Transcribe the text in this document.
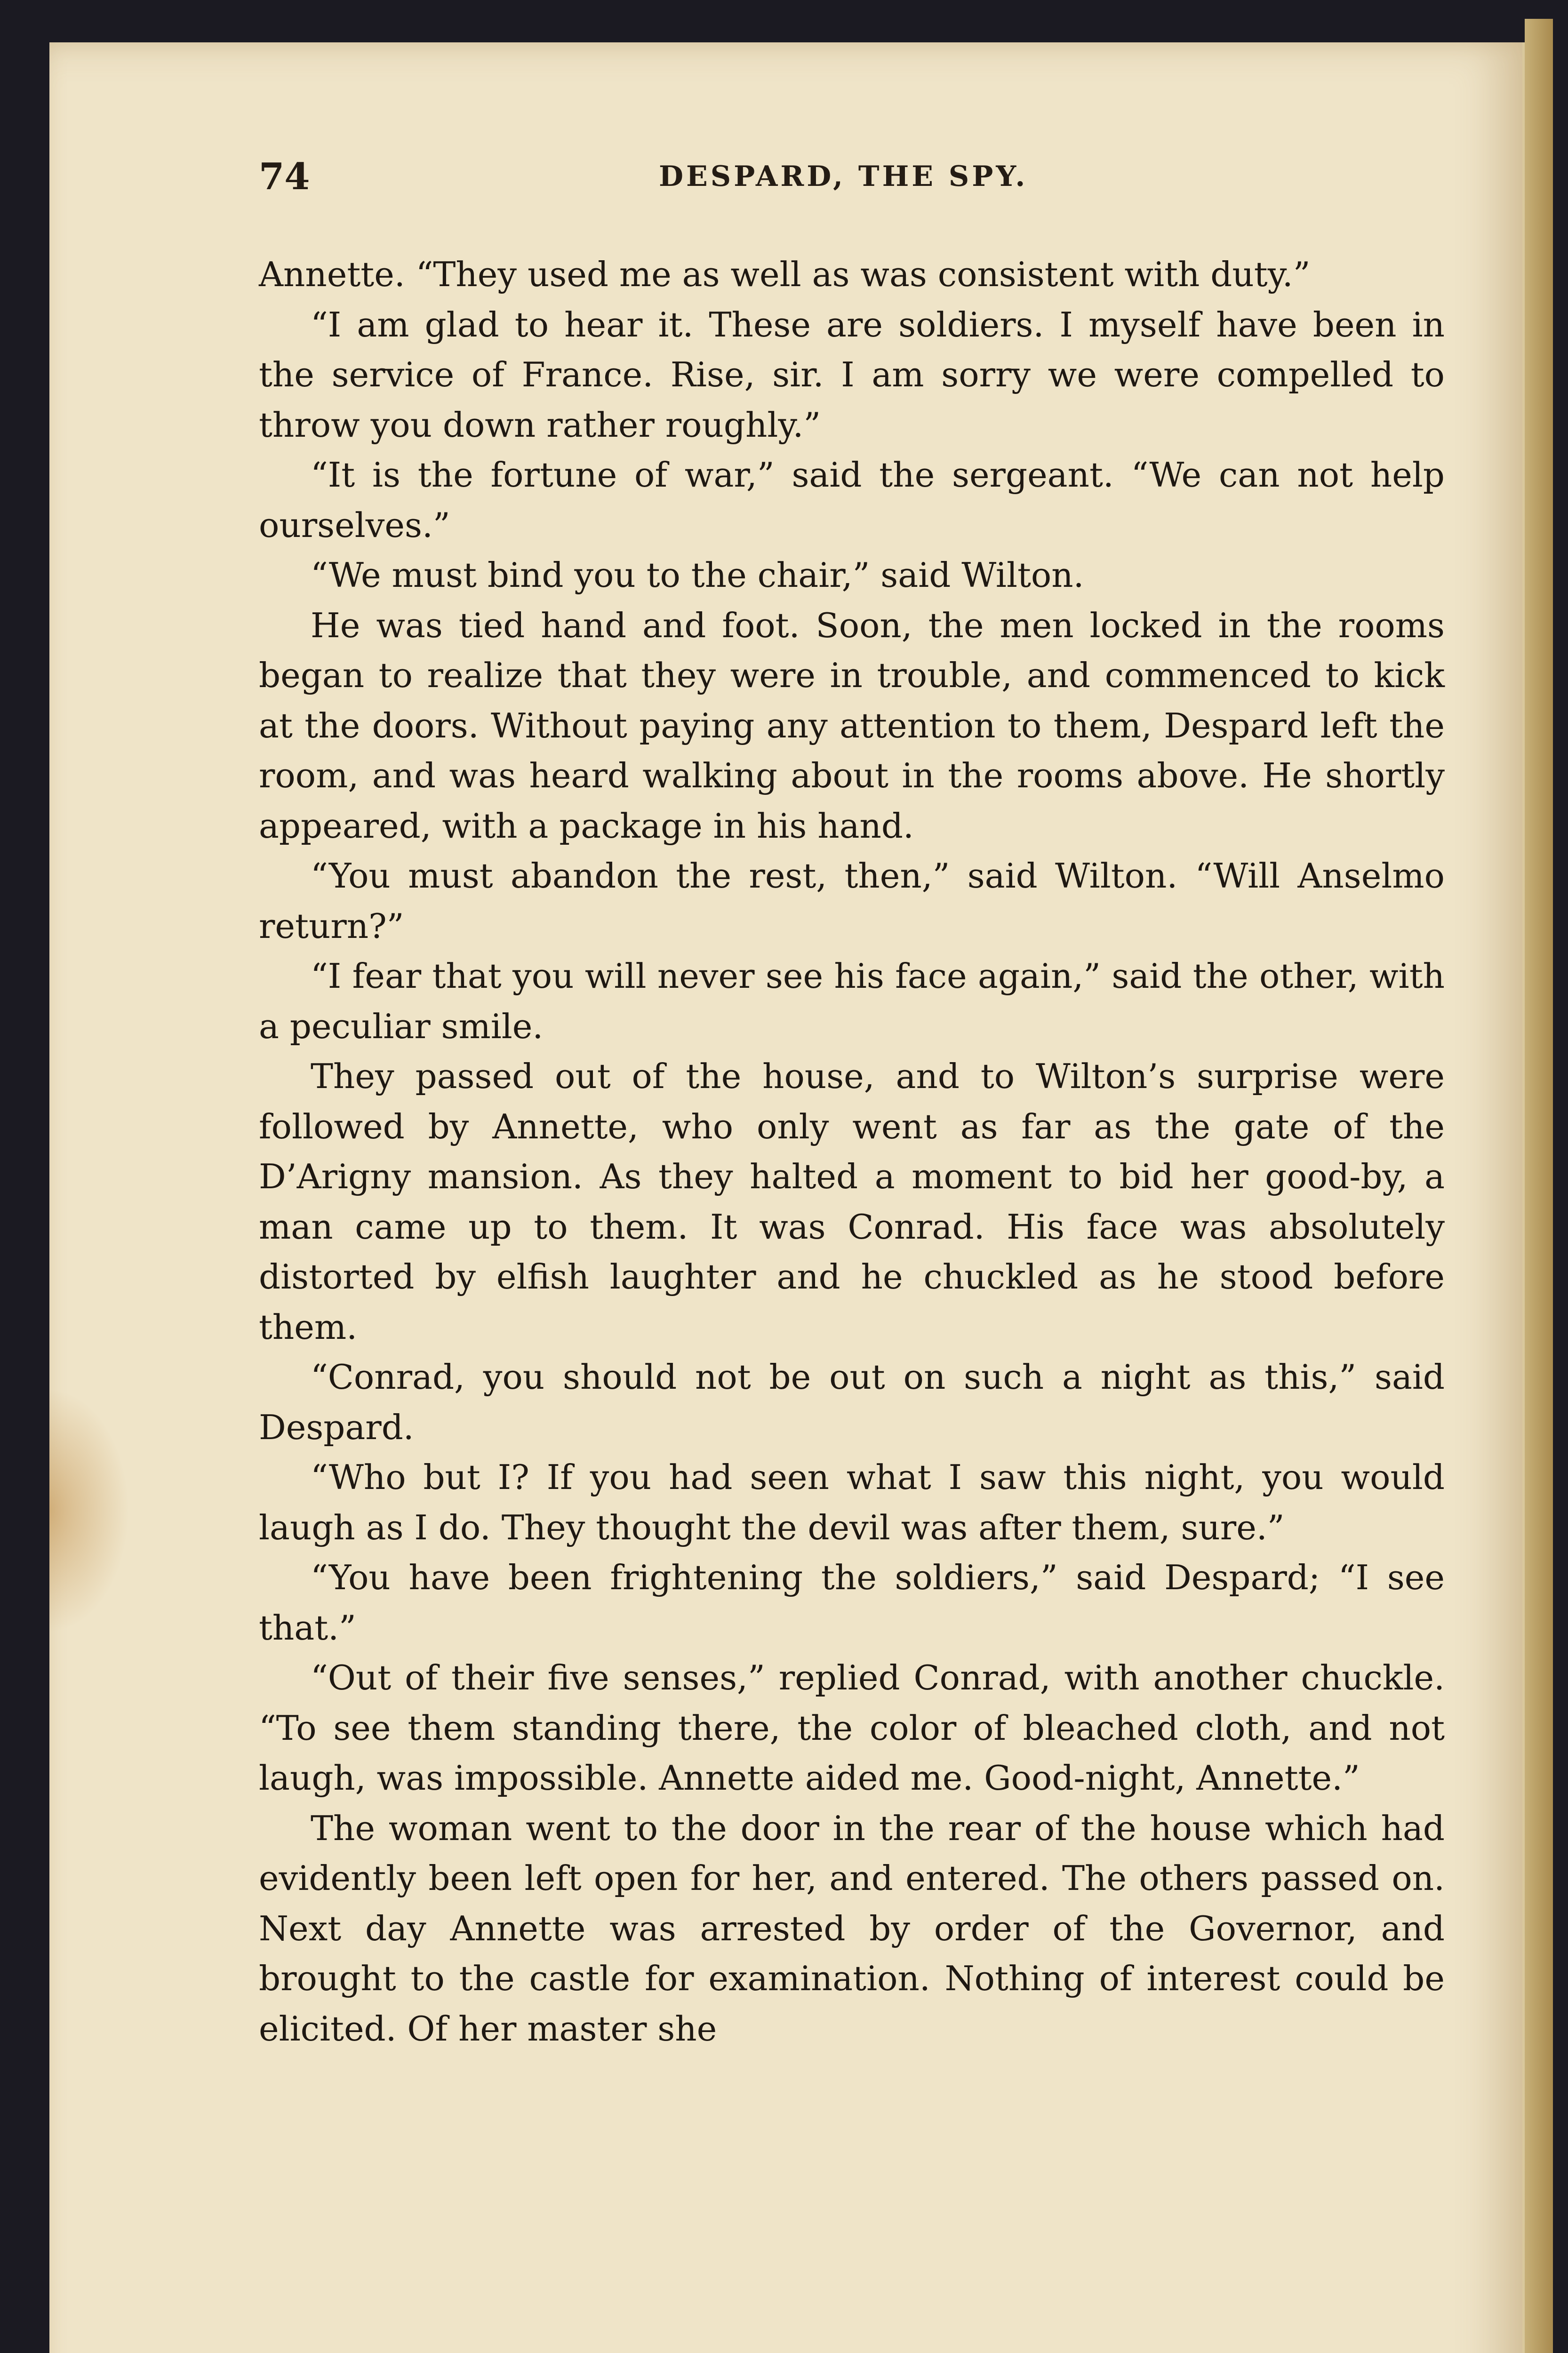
74	DESPARD, THE SPY.

Annette. “They used me as well as was consistent with duty.”

“I am glad to hear it. These are soldiers. I myself have been in the service of France. Rise, sir. I am sorry we were compelled to throw you down rather roughly.”

“It is the fortune of war,” said the sergeant. “We can not help ourselves.”

“We must bind you to the chair,” said Wilton.

He was tied hand and foot. Soon, the men locked in the rooms began to realize that they were in trouble, and commenced to kick at the doors. Without paying any attention to them, Despard left the room, and was heard walking about in the rooms above. He shortly appeared, with a package in his hand.

“You must abandon the rest, then,” said Wilton. “Will Anselmo return?”

“I fear that you will never see his face again,” said the other, with a peculiar smile.

They passed out of the house, and to Wilton’s surprise were followed by Annette, who only went as far as the gate of the D’Arigny mansion. As they halted a moment to bid her good-by, a man came up to them. It was Conrad. His face was absolutely distorted by elfish laughter and he chuckled as he stood before them.

“Conrad, you should not be out on such a night as this,” said Despard.

“Who but I? If you had seen what I saw this night, you would laugh as I do. They thought the devil was after them, sure.”

“You have been frightening the soldiers,” said Despard; “I see that.”

“Out of their five senses,” replied Conrad, with another chuckle. “To see them standing there, the color of bleached cloth, and not laugh, was impossible. Annette aided me. Good-night, Annette.”

The woman went to the door in the rear of the house which had evidently been left open for her, and entered. The others passed on. Next day Annette was arrested by order of the Governor, and brought to the castle for examination. Nothing of interest could be elicited. Of her master she
